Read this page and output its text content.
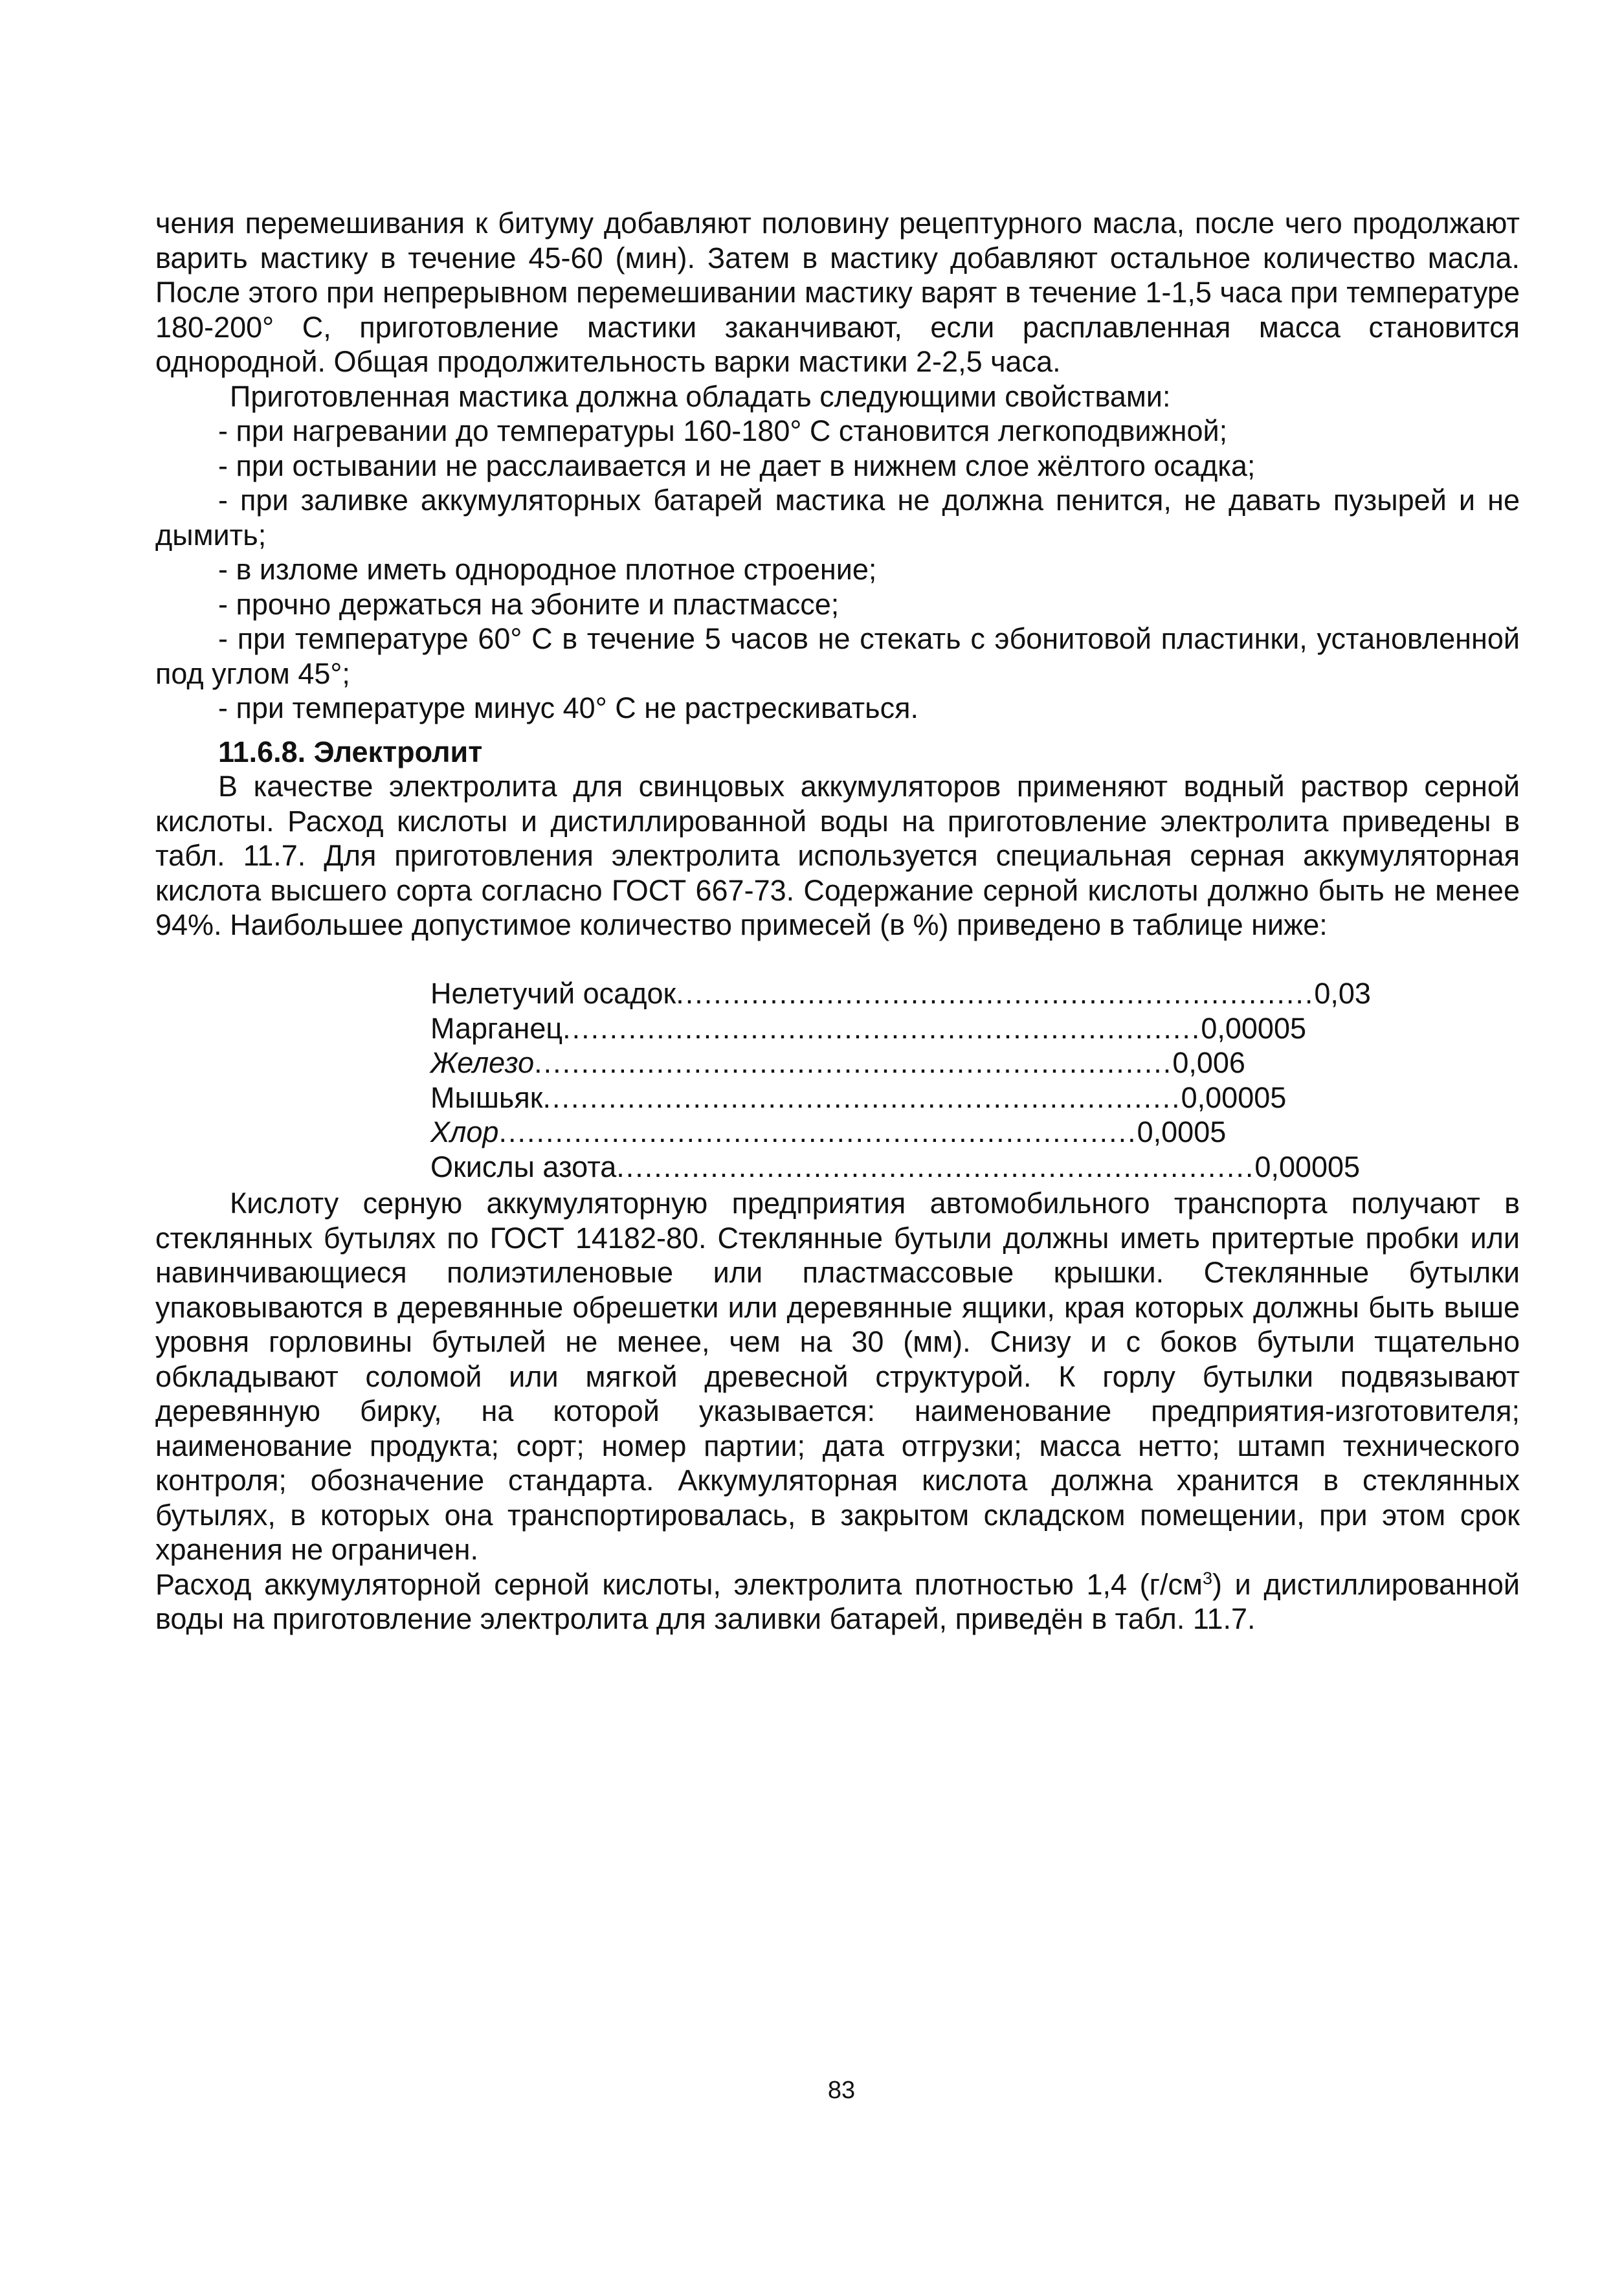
чения перемешивания к битуму добавляют половину рецептурного масла, после чего продолжают варить мастику в течение 45-60 (мин). Затем в мастику добавляют остальное количество масла. После этого при непрерывном перемешивании мастику варят в течение 1-1,5 часа при температуре 180-200° С, приготовление мастики заканчивают, если расплавленная масса становится однородной. Общая продолжительность варки мастики 2-2,5 часа.

Приготовленная мастика должна обладать следующими свойствами:

- при нагревании до температуры 160-180° С становится легкоподвижной;

- при остывании не расслаивается и не дает в нижнем слое жёлтого осадка;

- при заливке аккумуляторных батарей мастика не должна пенится, не давать пузырей и не дымить;

- в изломе иметь однородное плотное строение;

- прочно держаться на эбоните и пластмассе;

- при температуре 60° С в течение 5 часов не стекать с эбонитовой пластинки, установленной под углом 45°;

- при температуре минус 40° С не растрескиваться.

11.6.8. Электролит

В качестве электролита для свинцовых аккумуляторов применяют водный раствор серной кислоты. Расход кислоты и дистиллированной воды на приготовление электролита приведены в табл. 11.7. Для приготовления электролита используется специальная серная аккумуляторная кислота высшего сорта согласно ГОСТ 667-73. Содержание серной кислоты должно быть не менее 94%. Наибольшее допустимое количество примесей (в %) приведено в таблице ниже:

Нелетучий осадок .................................................................... 0,03
Марганец .................................................................... 0,00005
Железо .................................................................... 0,006
Мышьяк .................................................................... 0,00005
Хлор .................................................................... 0,0005
Окислы азота .................................................................... 0,00005

Кислоту серную аккумуляторную предприятия автомобильного транспорта получают в стеклянных бутылях по ГОСТ 14182-80. Стеклянные бутыли должны иметь притертые пробки или навинчивающиеся полиэтиленовые или пластмассовые крышки. Стеклянные бутылки упаковываются в деревянные обрешетки или деревянные ящики, края которых должны быть выше уровня горловины бутылей не менее, чем на 30 (мм). Снизу и с боков бутыли тщательно обкладывают соломой или мягкой древесной структурой. К горлу бутылки подвязывают деревянную бирку, на которой указывается: наименование предприятия-изготовителя; наименование продукта; сорт; номер партии; дата отгрузки; масса нетто; штамп технического контроля; обозначение стандарта. Аккумуляторная кислота должна хранится в стеклянных бутылях, в которых она транспортировалась, в закрытом складском помещении, при этом срок хранения не ограничен.

Расход аккумуляторной серной кислоты, электролита плотностью 1,4 $(г/см^3)$ и дистиллированной воды на приготовление электролита для заливки батарей, приведён в табл. 11.7.

83
